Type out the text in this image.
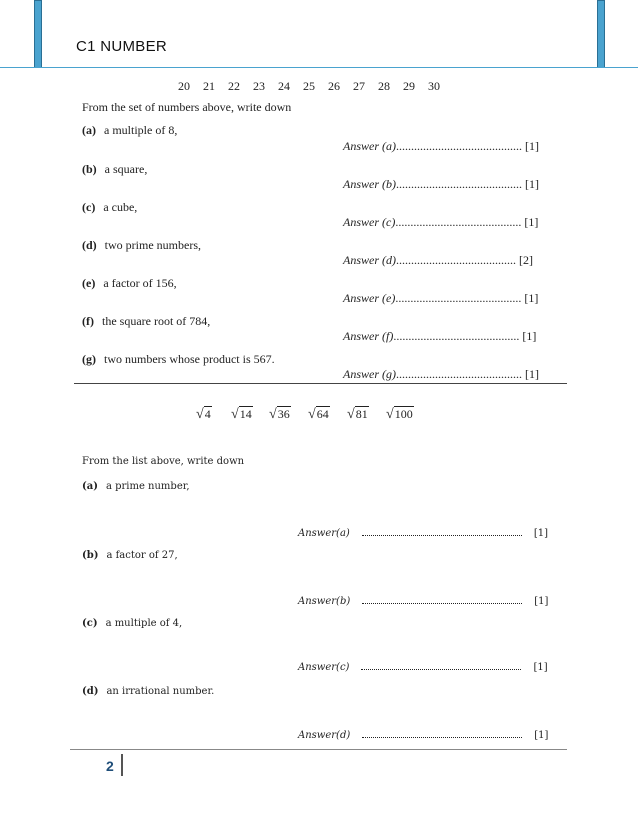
C1 NUMBER
20 21 22 23 24 25 26 27 28 29 30
From the set of numbers above, write down
(a) a multiple of 8,
Answer (a).......................................... [1]
(b) a square,
Answer (b).......................................... [1]
(c) a cube,
Answer (c).......................................... [1]
(d) two prime numbers,
Answer (d)........................................ [2]
(e) a factor of 156,
Answer (e).......................................... [1]
(f) the square root of 784,
Answer (f).......................................... [1]
(g) two numbers whose product is 567.
Answer (g).......................................... [1]
√4 √14 √36 √64 √81 √100
From the list above, write down
(a) a prime number,
Answer(a)	[1]
(b) a factor of 27,
Answer(b)	[1]
(c) a multiple of 4,
Answer(c)	[1]
(d) an irrational number.
Answer(d)	[1]
2
